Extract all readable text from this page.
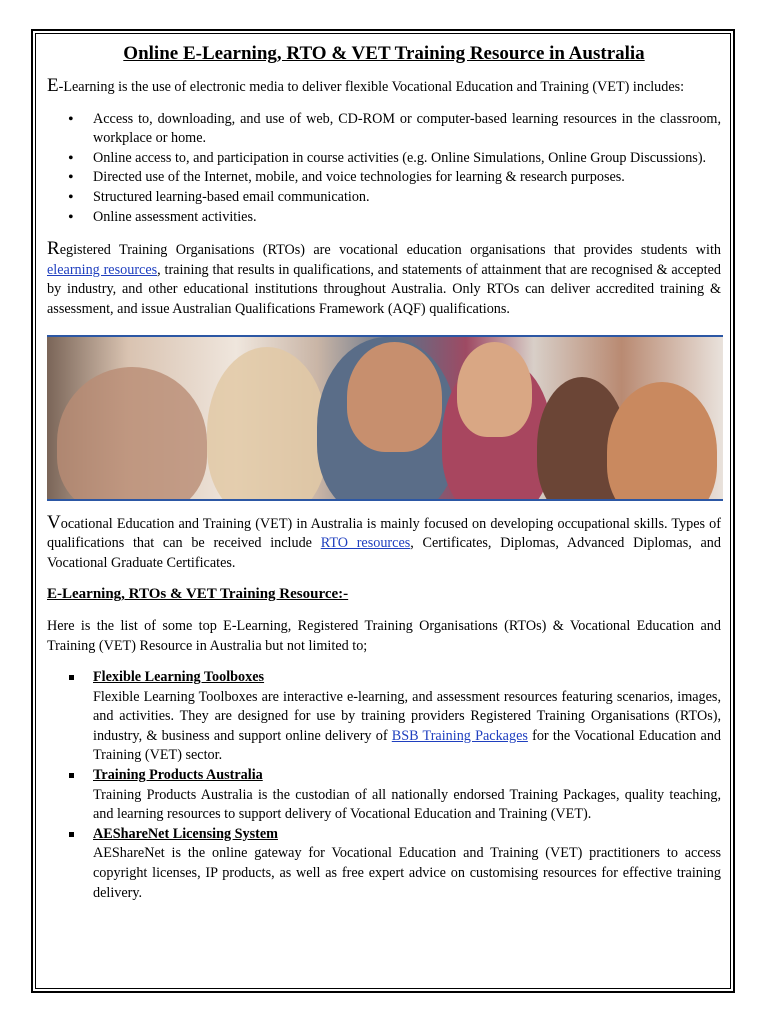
Online E-Learning, RTO & VET Training Resource in Australia

E-Learning is the use of electronic media to deliver flexible Vocational Education and Training (VET) includes:

• Access to, downloading, and use of web, CD-ROM or computer-based learning resources in the classroom, workplace or home.
• Online access to, and participation in course activities (e.g. Online Simulations, Online Group Discussions).
• Directed use of the Internet, mobile, and voice technologies for learning & research purposes.
• Structured learning-based email communication.
• Online assessment activities.

Registered Training Organisations (RTOs) are vocational education organisations that provides students with elearning resources, training that results in qualifications, and statements of attainment that are recognised & accepted by industry, and other educational institutions throughout Australia. Only RTOs can deliver accredited training & assessment, and issue Australian Qualifications Framework (AQF) qualifications.

Vocational Education and Training (VET) in Australia is mainly focused on developing occupational skills. Types of qualifications that can be received include RTO resources, Certificates, Diplomas, Advanced Diplomas, and Vocational Graduate Certificates.

E-Learning, RTOs & VET Training Resource:-

Here is the list of some top E-Learning, Registered Training Organisations (RTOs) & Vocational Education and Training (VET) Resource in Australia but not limited to;

Flexible Learning Toolboxes
Flexible Learning Toolboxes are interactive e-learning, and assessment resources featuring scenarios, images, and activities. They are designed for use by training providers Registered Training Organisations (RTOs), industry, & business and support online delivery of BSB Training Packages for the Vocational Education and Training (VET) sector.
Training Products Australia
Training Products Australia is the custodian of all nationally endorsed Training Packages, quality teaching, and learning resources to support delivery of Vocational Education and Training (VET).
AEShareNet Licensing System
AEShareNet is the online gateway for Vocational Education and Training (VET) practitioners to access copyright licenses, IP products, as well as free expert advice on customising resources for effective training delivery.
